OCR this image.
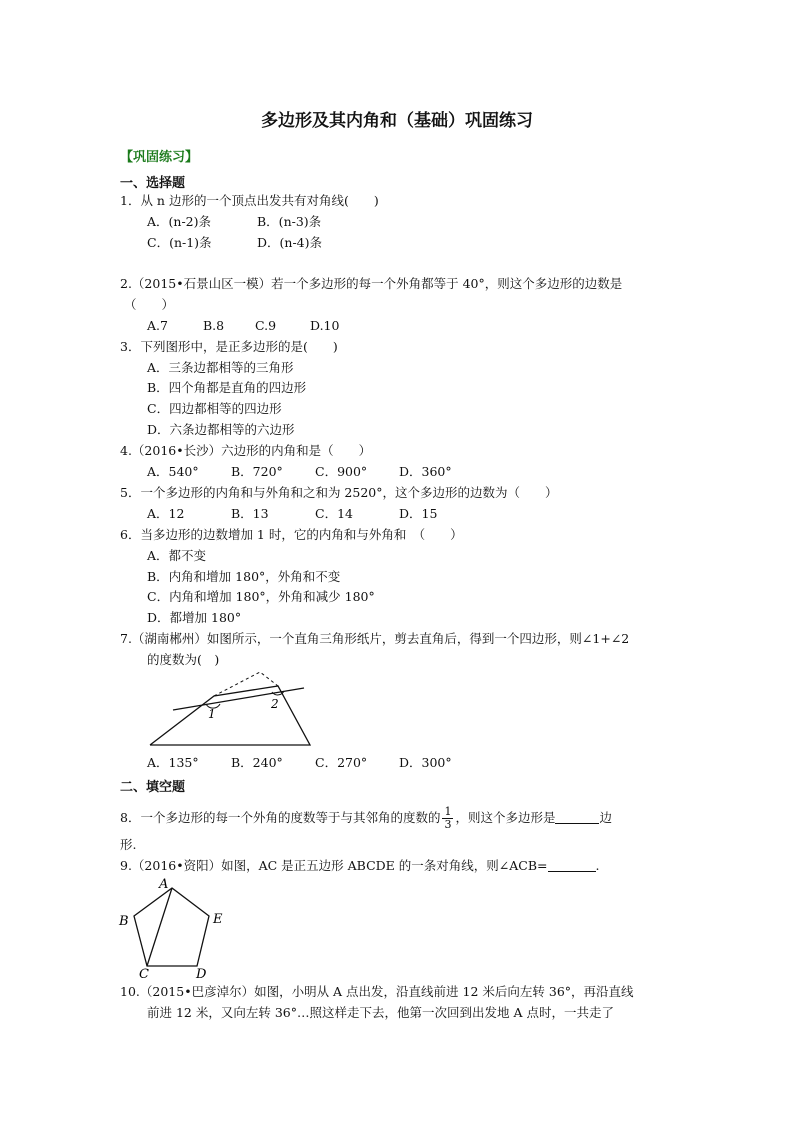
多边形及其内角和（基础）巩固练习
【巩固练习】
一、选择题
1．从 n 边形的一个顶点出发共有对角线(　　)
A．(n-2)条	B．(n-3)条
C．(n-1)条	D．(n-4)条
2.（2015•石景山区一模）若一个多边形的每一个外角都等于 40°，则这个多边形的边数是
（　　）
A.7	B.8 C.9	D.10
3．下列图形中，是正多边形的是(　　)
A．三条边都相等的三角形
B．四个角都是直角的四边形
C．四边都相等的四边形
D．六条边都相等的六边形
4.（2016•长沙）六边形的内角和是（　　）
A．540°	B．720°	C．900°	D．360°
5．一个多边形的内角和与外角和之和为 2520°，这个多边形的边数为（　　）
A．12	B．13	C．14	D．15
6．当多边形的边数增加 1 时，它的内角和与外角和　（　　）
A．都不变
B．内角和增加 180°，外角和不变
C．内角和增加 180°，外角和减少 180°
D．都增加 180°
7.（湖南郴州）如图所示，一个直角三角形纸片，剪去直角后，得到一个四边形，则∠1+∠2
的度数为(　)
1
2
A．135°	B．240°	C．270°	D．300°
二、填空题
8．一个多边形的每一个外角的度数等于与其邻角的度数的 $\frac{1}{3}$ ，则这个多边形是	边
形.
9.（2016•资阳）如图，AC 是正五边形 ABCDE 的一条对角线，则∠ACB=	.
A
B	E
C	D
10.（2015•巴彦淖尔）如图，小明从 A 点出发，沿直线前进 12 米后向左转 36°，再沿直线
前进 12 米，又向左转 36°…照这样走下去，他第一次回到出发地 A 点时，一共走了
